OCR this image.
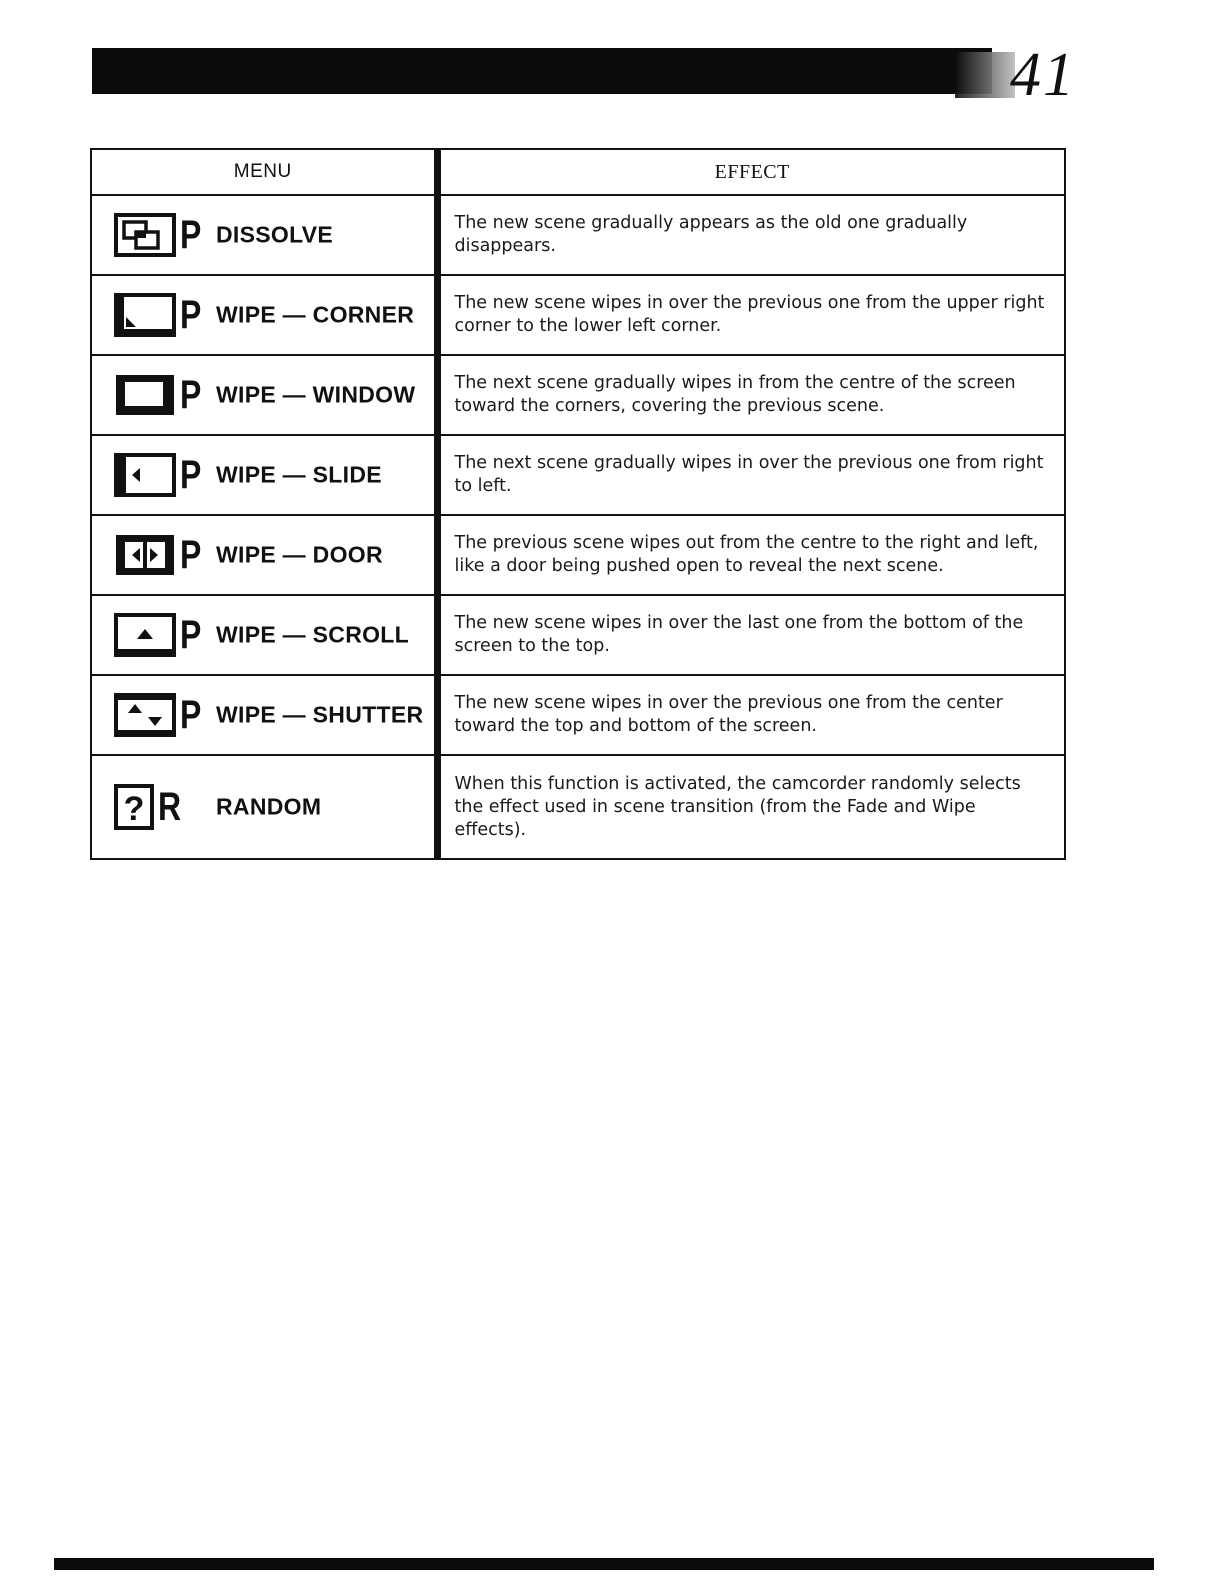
41
MENU	EFFECT

P DISSOLVE	The new scene gradually appears as the old one gradually disappears.

P WIPE — CORNER	The new scene wipes in over the previous one from the upper right corner to the lower left corner.

P WIPE — WINDOW	The next scene gradually wipes in from the centre of the screen toward the corners, covering the previous scene.

P WIPE — SLIDE	The next scene gradually wipes in over the previous one from right to left.

P WIPE — DOOR	The previous scene wipes out from the centre to the right and left, like a door being pushed open to reveal the next scene.

P WIPE — SCROLL	The new scene wipes in over the last one from the bottom of the screen to the top.

P WIPE — SHUTTER	The new scene wipes in over the previous one from the center toward the top and bottom of the screen.

? R RANDOM	When this function is activated, the camcorder randomly selects the effect used in scene transition (from the Fade and Wipe effects).
